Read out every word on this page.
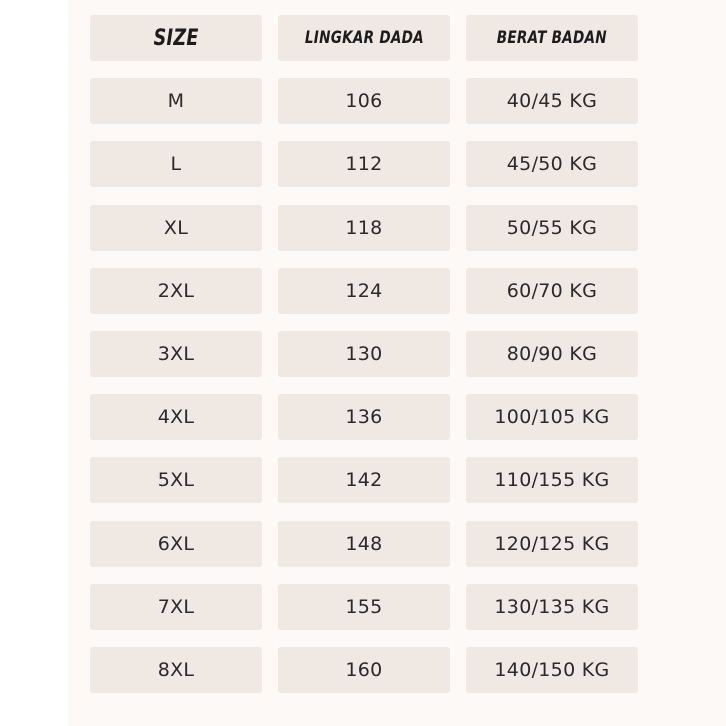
SIZE	LINGKAR DADA	BERAT BADAN
M	106	40/45 KG
L	112	45/50 KG
XL	118	50/55 KG
2XL	124	60/70 KG
3XL	130	80/90 KG
4XL	136	100/105 KG
5XL	142	110/155 KG
6XL	148	120/125 KG
7XL	155	130/135 KG
8XL	160	140/150 KG
